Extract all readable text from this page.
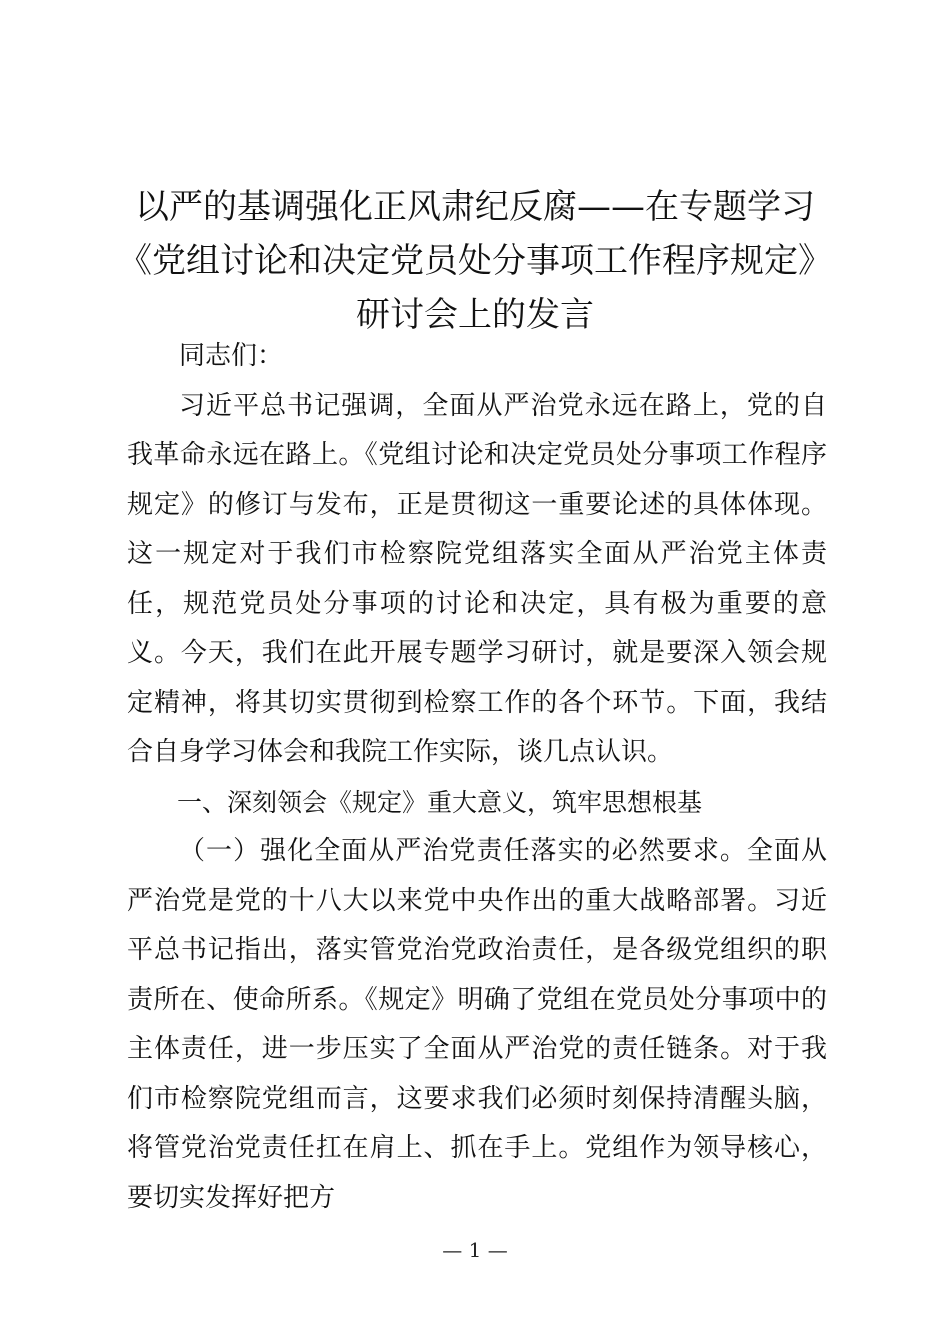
以严的基调强化正风肃纪反腐——在专题学习《党组讨论和决定党员处分事项工作程序规定》研讨会上的发言

同志们：

习近平总书记强调，全面从严治党永远在路上，党的自我革命永远在路上。《党组讨论和决定党员处分事项工作程序规定》的修订与发布，正是贯彻这一重要论述的具体体现。这一规定对于我们市检察院党组落实全面从严治党主体责任，规范党员处分事项的讨论和决定，具有极为重要的意义。今天，我们在此开展专题学习研讨，就是要深入领会规定精神，将其切实贯彻到检察工作的各个环节。下面，我结合自身学习体会和我院工作实际，谈几点认识。

一、深刻领会《规定》重大意义，筑牢思想根基

（一）强化全面从严治党责任落实的必然要求。全面从严治党是党的十八大以来党中央作出的重大战略部署。习近平总书记指出，落实管党治党政治责任，是各级党组织的职责所在、使命所系。《规定》明确了党组在党员处分事项中的主体责任，进一步压实了全面从严治党的责任链条。对于我们市检察院党组而言，这要求我们必须时刻保持清醒头脑，将管党治党责任扛在肩上、抓在手上。党组作为领导核心，要切实发挥好把方

— 1 —
